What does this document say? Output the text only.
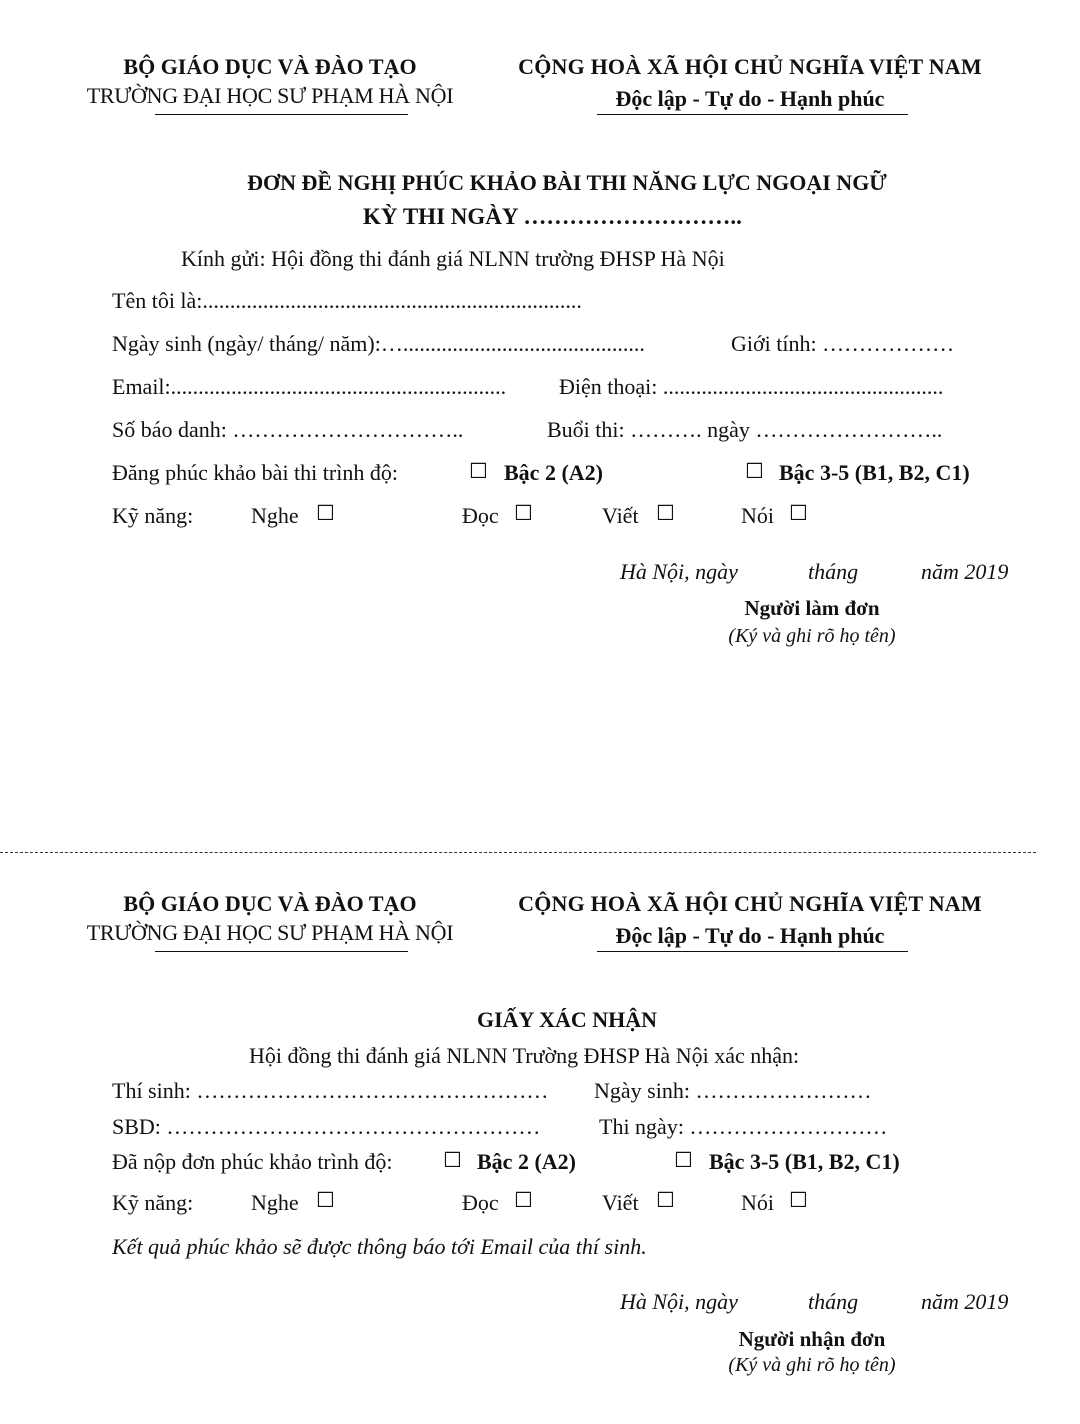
BỘ GIÁO DỤC VÀ ĐÀO TẠO
TRƯỜNG ĐẠI HỌC SƯ PHẠM HÀ NỘI
CỘNG HOÀ XÃ HỘI CHỦ NGHĨA VIỆT NAM
Độc lập - Tự do - Hạnh phúc
ĐƠN ĐỀ NGHỊ PHÚC KHẢO BÀI THI NĂNG LỰC NGOẠI NGỮ
KỲ THI NGÀY ………………………..
Kính gửi: Hội đồng thi đánh giá NLNN trường ĐHSP Hà Nội
Tên tôi là:.....................................................................
Ngày sinh (ngày/ tháng/ năm):…............................................	Giới tính: ………………
Email:............................................................. Điện thoại: ...................................................
Số báo danh: …………………………..	Buổi thi: ………. ngày ……………………..
Đăng phúc khảo bài thi trình độ:	☐ Bậc 2 (A2)	☐ Bậc 3-5 (B1, B2, C1)
Kỹ năng:	Nghe ☐	Đọc ☐	Viết ☐	Nói ☐
Hà Nội, ngày	tháng	năm 2019
Người làm đơn
(Ký và ghi rõ họ tên)
BỘ GIÁO DỤC VÀ ĐÀO TẠO
TRƯỜNG ĐẠI HỌC SƯ PHẠM HÀ NỘI
CỘNG HOÀ XÃ HỘI CHỦ NGHĨA VIỆT NAM
Độc lập - Tự do - Hạnh phúc
GIẤY XÁC NHẬN
Hội đồng thi đánh giá NLNN Trường ĐHSP Hà Nội xác nhận:
Thí sinh: ………………………………………… Ngày sinh: ……………………
SBD: ……………………………………………	Thi ngày: ………………………
Đã nộp đơn phúc khảo trình độ: ☐ Bậc 2 (A2)	☐ Bậc 3-5 (B1, B2, C1)
Kỹ năng:	Nghe ☐	Đọc ☐	Viết ☐	Nói ☐
Kết quả phúc khảo sẽ được thông báo tới Email của thí sinh.
Hà Nội, ngày	tháng	năm 2019
Người nhận đơn
(Ký và ghi rõ họ tên)
